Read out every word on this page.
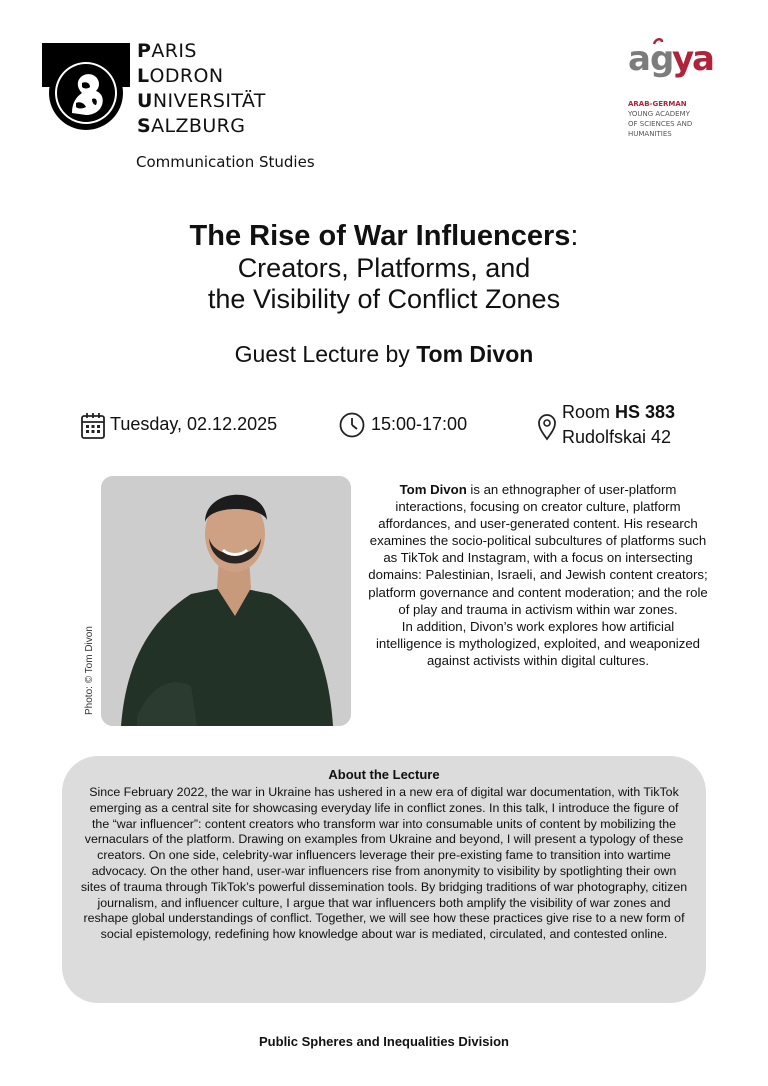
PARIS
LODRON
UNIVERSITÄT
SALZBURG
Communication Studies
a g
y
a
ARAB-GERMAN
YOUNG ACADEMY
OF SCIENCES AND
HUMANITIES
The Rise of War Influencers:
Creators, Platforms, and
the Visibility of Conflict Zones
Guest Lecture by Tom Divon
Tuesday, 02.12.2025	15:00-17:00
Room HS 383
Rudolfskai 42
Photo: © Tom Divon
Tom Divon is an ethnographer of user-platform interactions, focusing on creator culture, platform affordances, and user-generated content. His research examines the socio-political subcultures of platforms such as TikTok and Instagram, with a focus on intersecting domains: Palestinian, Israeli, and Jewish content creators; platform governance and content moderation; and the role of play and trauma in activism within war zones.
In addition, Divon’s work explores how artificial intelligence is mythologized, exploited, and weaponized against activists within digital cultures.
About the Lecture
Since February 2022, the war in Ukraine has ushered in a new era of digital war documentation, with TikTok emerging as a central site for showcasing everyday life in conflict zones. In this talk, I introduce the figure of the “war influencer”: content creators who transform war into consumable units of content by mobilizing the vernaculars of the platform. Drawing on examples from Ukraine and beyond, I will present a typology of these creators. On one side, celebrity-war influencers leverage their pre-existing fame to transition into wartime advocacy. On the other hand, user-war influencers rise from anonymity to visibility by spotlighting their own sites of trauma through TikTok’s powerful dissemination tools. By bridging traditions of war photography, citizen journalism, and influencer culture, I argue that war influencers both amplify the visibility of war zones and reshape global understandings of conflict. Together, we will see how these practices give rise to a new form of social epistemology, redefining how knowledge about war is mediated, circulated, and contested online.
Public Spheres and Inequalities Division
